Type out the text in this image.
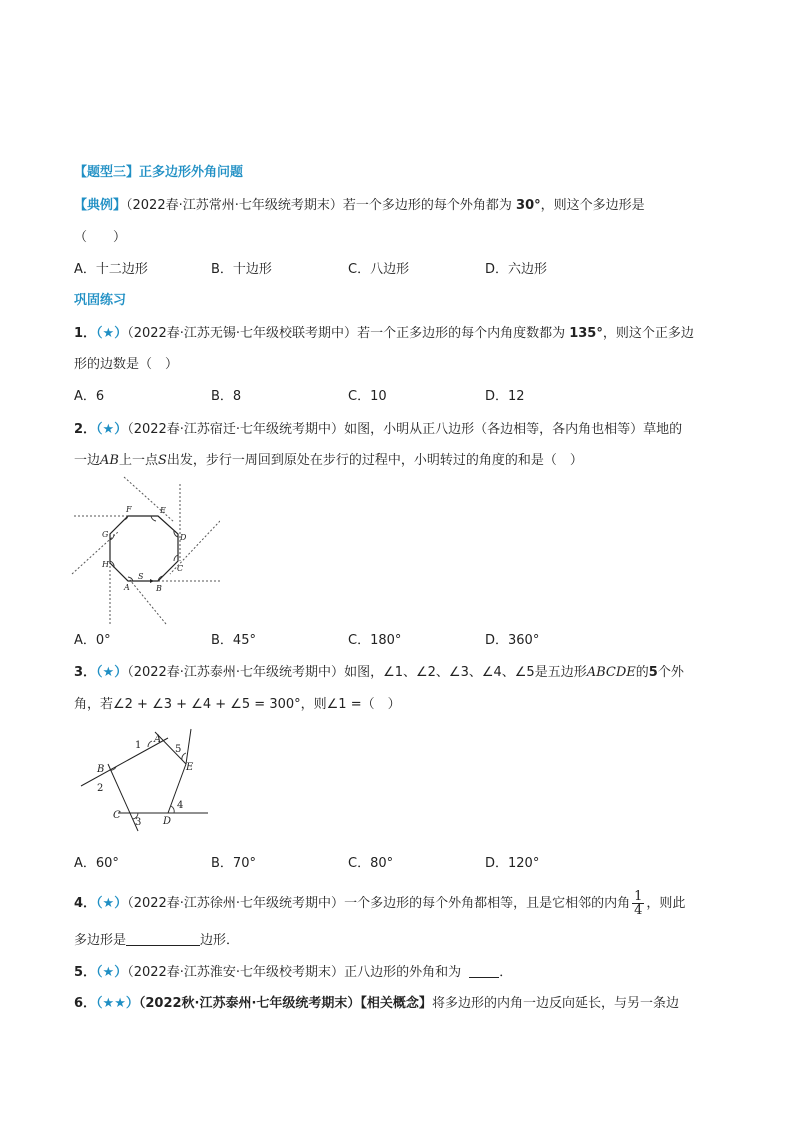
【题型三】正多边形外角问题
【典例】（2022春·江苏常州·七年级统考期末）若一个多边形的每个外角都为 30°，则这个多边形是
（　　）
A．十二边形	B．十边形	C．八边形	D．六边形
巩固练习
1．（★）（2022春·江苏无锡·七年级校联考期中）若一个正多边形的每个内角度数都为 135°，则这个正多边
形的边数是（　）
A．6	B．8	C．10	D．12
2．（★）（2022春·江苏宿迁·七年级统考期中）如图，小明从正八边形（各边相等，各内角也相等）草地的
一边AB上一点S出发，步行一周回到原处在步行的过程中，小明转过的角度的和是（　）
F	E
G	D
H	C
A
S
B
A．0°	B．45°	C．180°	D．360°
3．（★）（2022春·江苏泰州·七年级统考期中）如图，∠1、∠2、∠3、∠4、∠5是五边形ABCDE的5个外
角，若∠2 + ∠3 + ∠4 + ∠5 = 300°，则∠1 =（　）
A
1	5
B	E
2
4
C
3 D
A．60°	B．70°	C．80°	D．120°
4．（★）（2022春·江苏徐州·七年级统考期中）一个多边形的每个外角都相等，且是它相邻的内角 $\frac{1}{4}$ ，则此
多边形是	边形．
5．（★）（2022春·江苏淮安·七年级校考期末）正八边形的外角和为	．
6．（★★）（2022秋·江苏泰州·七年级统考期末）【相关概念】将多边形的内角一边反向延长，与另一条边
